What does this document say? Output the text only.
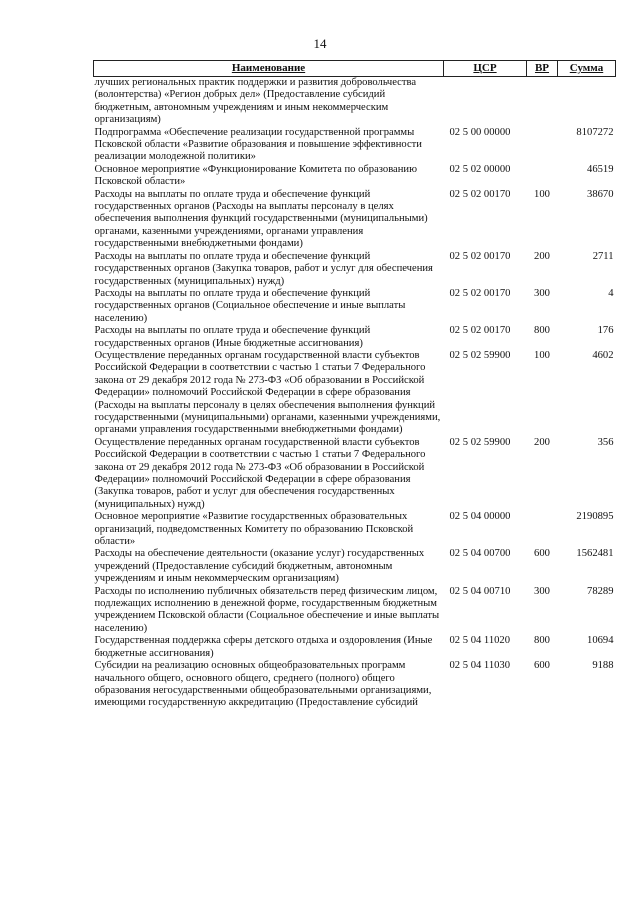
14
Наименование	ЦСР	ВР	Сумма
лучших региональных практик поддержки и развития добровольчества (волонтерства) «Регион добрых дел» (Предоставление субсидий бюджетным, автономным учреждениям и иным некоммерческим организациям)			
Подпрограмма «Обеспечение реализации государственной программы Псковской области «Развитие образования и повышение эффективности реализации молодежной политики»	02 5 00 00000		8107272
Основное мероприятие «Функционирование Комитета по образованию Псковской области»	02 5 02 00000		46519
Расходы на выплаты по оплате труда и обеспечение функций государственных органов (Расходы на выплаты персоналу в целях обеспечения выполнения функций государственными (муниципальными) органами, казенными учреждениями, органами управления государственными внебюджетными фондами)	02 5 02 00170	100	38670
Расходы на выплаты по оплате труда и обеспечение функций государственных органов (Закупка товаров, работ и услуг для обеспечения государственных (муниципальных) нужд)	02 5 02 00170	200	2711
Расходы на выплаты по оплате труда и обеспечение функций государственных органов (Социальное обеспечение и иные выплаты населению)	02 5 02 00170	300	4
Расходы на выплаты по оплате труда и обеспечение функций государственных органов (Иные бюджетные ассигнования)	02 5 02 00170	800	176
Осуществление переданных органам государственной власти субъектов Российской Федерации в соответствии с частью 1 статьи 7 Федерального закона от 29 декабря 2012 года № 273-ФЗ «Об образовании в Российской Федерации» полномочий Российской Федерации в сфере образования (Расходы на выплаты персоналу в целях обеспечения выполнения функций государственными (муниципальными) органами, казенными учреждениями, органами управления государственными внебюджетными фондами)	02 5 02 59900	100	4602
Осуществление переданных органам государственной власти субъектов Российской Федерации в соответствии с частью 1 статьи 7 Федерального закона от 29 декабря 2012 года № 273-ФЗ «Об образовании в Российской Федерации» полномочий Российской Федерации в сфере образования (Закупка товаров, работ и услуг для обеспечения государственных (муниципальных) нужд)	02 5 02 59900	200	356
Основное мероприятие «Развитие государственных образовательных организаций, подведомственных Комитету по образованию Псковской области»	02 5 04 00000		2190895
Расходы на обеспечение деятельности (оказание услуг) государственных учреждений (Предоставление субсидий бюджетным, автономным учреждениям и иным некоммерческим организациям)	02 5 04 00700	600	1562481
Расходы по исполнению публичных обязательств перед физическим лицом, подлежащих исполнению в денежной форме, государственным бюджетным учреждением Псковской области (Социальное обеспечение и иные выплаты населению)	02 5 04 00710	300	78289
Государственная поддержка сферы детского отдыха и оздоровления (Иные бюджетные ассигнования)	02 5 04 11020	800	10694
Субсидии на реализацию основных общеобразовательных программ начального общего, основного общего, среднего (полного) общего образования негосударственными общеобразовательными организациями, имеющими государственную аккредитацию (Предоставление субсидий	02 5 04 11030	600	9188
